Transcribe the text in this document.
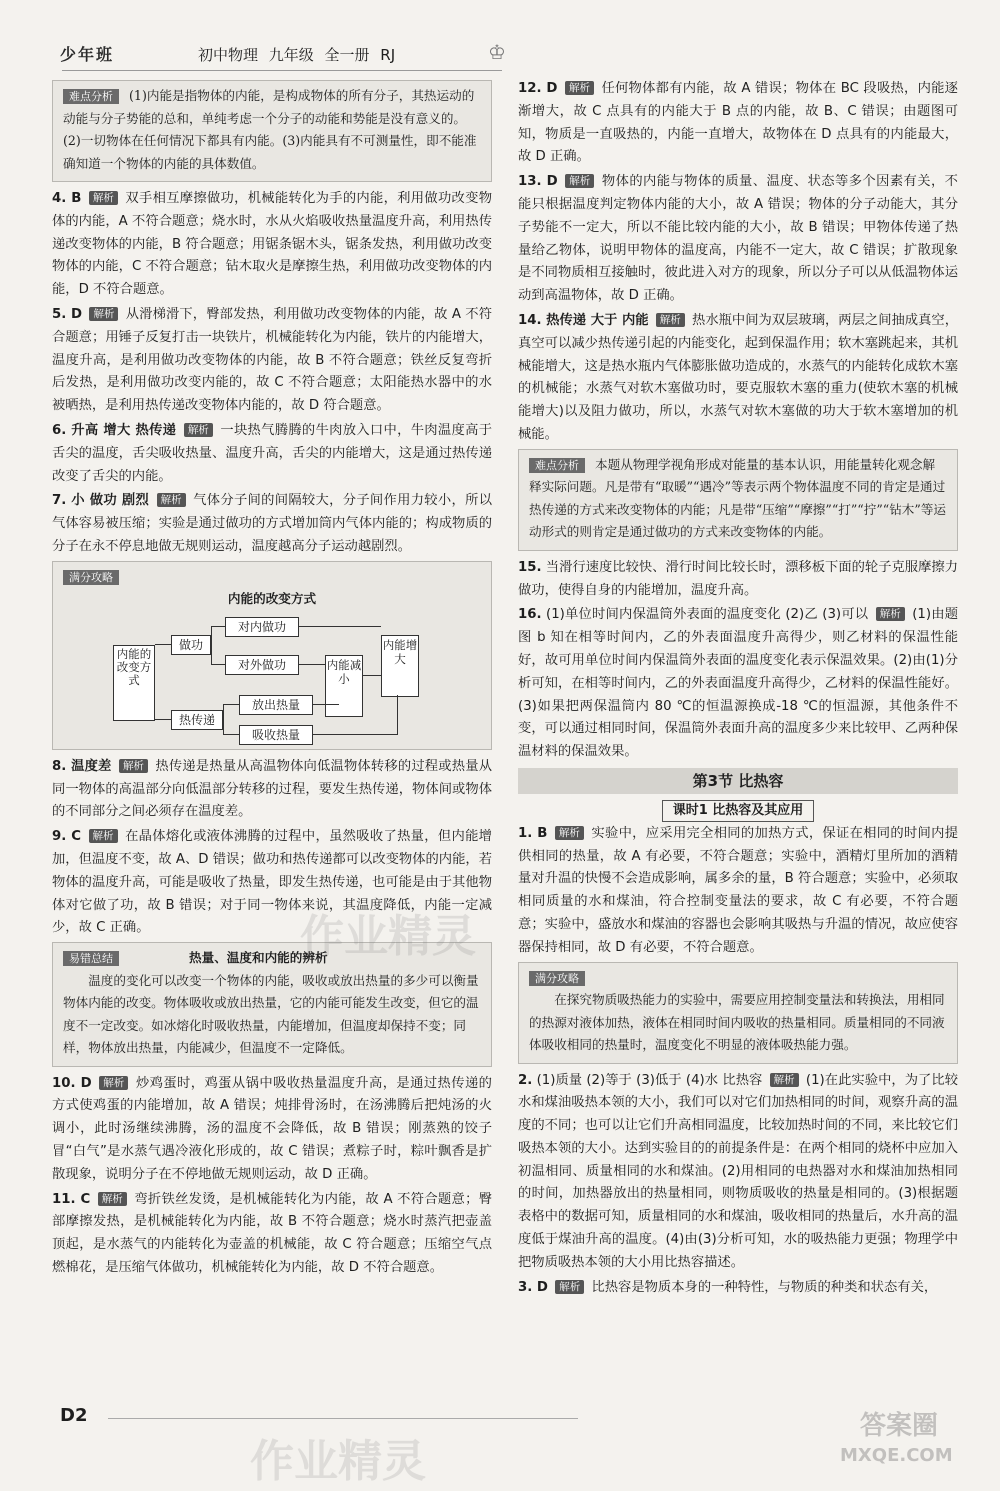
少年班	初中物理 九年级 全一册 RJ	♔
难点分析 (1)内能是指物体的内能，是构成物体的所有分子，其热运动的动能与分子势能的总和，单纯考虑一个分子的动能和势能是没有意义的。(2)一切物体在任何情况下都具有内能。(3)内能具有不可测量性，即不能准确知道一个物体的内能的具体数值。
4. B 解析 双手相互摩擦做功，机械能转化为手的内能，利用做功改变物体的内能，A 不符合题意；烧水时，水从火焰吸收热量温度升高，利用热传递改变物体的内能，B 符合题意；用锯条锯木头，锯条发热，利用做功改变物体的内能，C 不符合题意；钻木取火是摩擦生热，利用做功改变物体的内能，D 不符合题意。
5. D 解析 从滑梯滑下，臀部发热，利用做功改变物体的内能，故 A 不符合题意；用锤子反复打击一块铁片，机械能转化为内能，铁片的内能增大，温度升高，是利用做功改变物体的内能，故 B 不符合题意；铁丝反复弯折后发热，是利用做功改变内能的，故 C 不符合题意；太阳能热水器中的水被晒热，是利用热传递改变物体内能的，故 D 符合题意。
6. 升高 增大 热传递 解析 一块热气腾腾的牛肉放入口中，牛肉温度高于舌尖的温度，舌尖吸收热量、温度升高，舌尖的内能增大，这是通过热传递改变了舌尖的内能。
7. 小 做功 剧烈 解析 气体分子间的间隔较大，分子间作用力较小，所以气体容易被压缩；实验是通过做功的方式增加筒内气体内能的；构成物质的分子在永不停息地做无规则运动，温度越高分子运动越剧烈。
满分攻略
内能的改变方式
内能的改变方式
做功
热传递
对内做功
对外做功
放出热量
吸收热量
内能减小
内能增大
8. 温度差 解析 热传递是热量从高温物体向低温物体转移的过程或热量从同一物体的高温部分向低温部分转移的过程，要发生热传递，物体间或物体的不同部分之间必须存在温度差。
9. C 解析 在晶体熔化或液体沸腾的过程中，虽然吸收了热量，但内能增加，但温度不变，故 A、D 错误；做功和热传递都可以改变物体的内能，若物体的温度升高，可能是吸收了热量，即发生热传递，也可能是由于其他物体对它做了功，故 B 错误；对于同一物体来说，其温度降低，内能一定减少，故 C 正确。
易错总结	热量、温度和内能的辨析
温度的变化可以改变一个物体的内能，吸收或放出热量的多少可以衡量物体内能的改变。物体吸收或放出热量，它的内能可能发生改变，但它的温度不一定改变。如冰熔化时吸收热量，内能增加，但温度却保持不变；同样，物体放出热量，内能减少，但温度不一定降低。
10. D 解析 炒鸡蛋时，鸡蛋从锅中吸收热量温度升高，是通过热传递的方式使鸡蛋的内能增加，故 A 错误；炖排骨汤时，在汤沸腾后把炖汤的火调小，此时汤继续沸腾，汤的温度不会降低，故 B 错误；刚蒸熟的饺子冒“白气”是水蒸气遇冷液化形成的，故 C 错误；煮粽子时，粽叶飘香是扩散现象，说明分子在不停地做无规则运动，故 D 正确。
11. C 解析 弯折铁丝发烫，是机械能转化为内能，故 A 不符合题意；臀部摩擦发热，是机械能转化为内能，故 B 不符合题意；烧水时蒸汽把壶盖顶起，是水蒸气的内能转化为壶盖的机械能，故 C 符合题意；压缩空气点燃棉花，是压缩气体做功，机械能转化为内能，故 D 不符合题意。
12. D 解析 任何物体都有内能，故 A 错误；物体在 BC 段吸热，内能逐渐增大，故 C 点具有的内能大于 B 点的内能，故 B、C 错误；由题图可知，物质是一直吸热的，内能一直增大，故物体在 D 点具有的内能最大，故 D 正确。
13. D 解析 物体的内能与物体的质量、温度、状态等多个因素有关，不能只根据温度判定物体内能的大小，故 A 错误；物体的分子动能大，其分子势能不一定大，所以不能比较内能的大小，故 B 错误；甲物体传递了热量给乙物体，说明甲物体的温度高，内能不一定大，故 C 错误；扩散现象是不同物质相互接触时，彼此进入对方的现象，所以分子可以从低温物体运动到高温物体，故 D 正确。
14. 热传递 大于 内能 解析 热水瓶中间为双层玻璃，两层之间抽成真空，真空可以减少热传递引起的内能变化，起到保温作用；软木塞跳起来，其机械能增大，这是热水瓶内气体膨胀做功造成的，水蒸气的内能转化成软木塞的机械能；水蒸气对软木塞做功时，要克服软木塞的重力(使软木塞的机械能增大)以及阻力做功，所以，水蒸气对软木塞做的功大于软木塞增加的机械能。
难点分析 本题从物理学视角形成对能量的基本认识，用能量转化观念解释实际问题。凡是带有“取暖”“遇冷”等表示两个物体温度不同的肯定是通过热传递的方式来改变物体的内能；凡是带“压缩”“摩擦”“打”“拧”“钻木”等运动形式的则肯定是通过做功的方式来改变物体的内能。
15. 当滑行速度比较快、滑行时间比较长时，漂移板下面的轮子克服摩擦力做功，使得自身的内能增加，温度升高。
16. (1)单位时间内保温筒外表面的温度变化 (2)乙 (3)可以 解析 (1)由题图 b 知在相等时间内，乙的外表面温度升高得少，则乙材料的保温性能好，故可用单位时间内保温筒外表面的温度变化表示保温效果。(2)由(1)分析可知，在相等时间内，乙的外表面温度升高得少，乙材料的保温性能好。(3)如果把两保温筒内 80 ℃的恒温源换成-18 ℃的恒温源，其他条件不变，可以通过相同时间，保温筒外表面升高的温度多少来比较甲、乙两种保温材料的保温效果。
第3节 比热容
课时1 比热容及其应用
1. B 解析 实验中，应采用完全相同的加热方式，保证在相同的时间内提供相同的热量，故 A 有必要，不符合题意；实验中，酒精灯里所加的酒精量对升温的快慢不会造成影响，属多余的量，B 符合题意；实验中，必须取相同质量的水和煤油，符合控制变量法的要求，故 C 有必要，不符合题意；实验中，盛放水和煤油的容器也会影响其吸热与升温的情况，故应使容器保持相同，故 D 有必要，不符合题意。
满分攻略
在探究物质吸热能力的实验中，需要应用控制变量法和转换法，用相同的热源对液体加热，液体在相同时间内吸收的热量相同。质量相同的不同液体吸收相同的热量时，温度变化不明显的液体吸热能力强。
2. (1)质量 (2)等于 (3)低于 (4)水 比热容 解析 (1)在此实验中，为了比较水和煤油吸热本领的大小，我们可以对它们加热相同的时间，观察升高的温度的不同；也可以让它们升高相同温度，比较加热时间的不同，来比较它们吸热本领的大小。达到实验目的的前提条件是：在两个相同的烧杯中应加入初温相同、质量相同的水和煤油。(2)用相同的电热器对水和煤油加热相同的时间，加热器放出的热量相同，则物质吸收的热量是相同的。(3)根据题表格中的数据可知，质量相同的水和煤油，吸收相同的热量后，水升高的温度低于煤油升高的温度。(4)由(3)分析可知，水的吸热能力更强；物理学中把物质吸热本领的大小用比热容描述。
3. D 解析 比热容是物质本身的一种特性，与物质的种类和状态有关，
D2
作业精灵
作业精灵
答案圈
MXQE.COM
